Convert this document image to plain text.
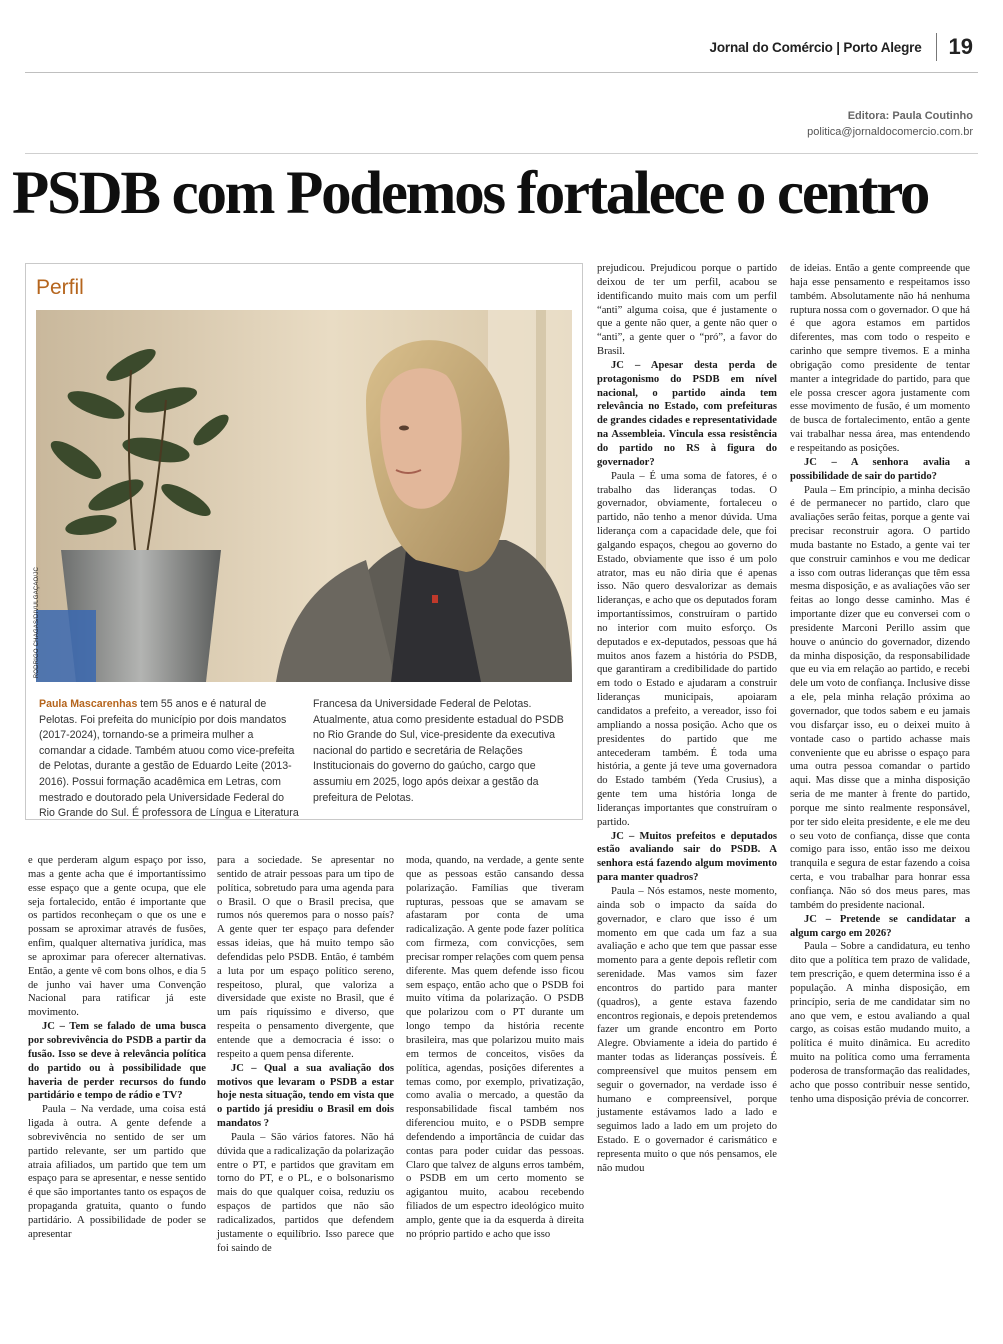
Jornal do Comércio | Porto Alegre 19
Editora: Paula Coutinho
politica@jornaldocomercio.com.br
PSDB com Podemos fortalece o centro
Perfil
RODRIGO CHAGAS/DIVULGAÇÃO/JC
Paula Mascarenhas tem 55 anos e é natural de Pelotas. Foi prefeita do município por dois mandatos (2017-2024), tornando-se a primeira mulher a comandar a cidade. Também atuou como vice-prefeita de Pelotas, durante a gestão de Eduardo Leite (2013-2016). Possui formação acadêmica em Letras, com mestrado e doutorado pela Universidade Federal do Rio Grande do Sul. É professora de Língua e Literatura Francesa da Universidade Federal de Pelotas. Atualmente, atua como presidente estadual do PSDB no Rio Grande do Sul, vice-presidente da executiva nacional do partido e secretária de Relações Institucionais do governo do gaúcho, cargo que assumiu em 2025, logo após deixar a gestão da prefeitura de Pelotas.

e que perderam algum espaço por isso, mas a gente acha que é importantíssimo esse espaço que a gente ocupa, que ele seja fortalecido, então é importante que os partidos reconheçam o que os une e possam se aproximar através de fusões, enfim, qualquer alternativa jurídica, mas se aproximar para oferecer alternativas. Então, a gente vê com bons olhos, e dia 5 de junho vai haver uma Convenção Nacional para ratificar já este movimento.

JC – Tem se falado de uma busca por sobrevivência do PSDB a partir da fusão. Isso se deve à relevância política do partido ou à possibilidade que haveria de perder recursos do fundo partidário e tempo de rádio e TV?

Paula – Na verdade, uma coisa está ligada à outra. A gente defende a sobrevivência no sentido de ser um partido relevante, ser um partido que atraia afiliados, um partido que tem um espaço para se apresentar, e nesse sentido é que são importantes tanto os espaços de propaganda gratuita, quanto o fundo partidário. A possibilidade de poder se apresentar

para a sociedade. Se apresentar no sentido de atrair pessoas para um tipo de política, sobretudo para uma agenda para o Brasil. O que o Brasil precisa, que rumos nós queremos para o nosso país? A gente quer ter espaço para defender essas ideias, que há muito tempo são defendidas pelo PSDB. Então, é também a luta por um espaço político sereno, respeitoso, plural, que valoriza a diversidade que existe no Brasil, que é um país riquíssimo e diverso, que respeita o pensamento divergente, que entende que a democracia é isso: o respeito a quem pensa diferente.

JC – Qual a sua avaliação dos motivos que levaram o PSDB a estar hoje nesta situação, tendo em vista que o partido já presidiu o Brasil em dois mandatos ?

Paula – São vários fatores. Não há dúvida que a radicalização da polarização entre o PT, e partidos que gravitam em torno do PT, e o PL, e o bolsonarismo mais do que qualquer coisa, reduziu os espaços de partidos que não são radicalizados, partidos que defendem justamente o equilíbrio. Isso parece que foi saindo de

moda, quando, na verdade, a gente sente que as pessoas estão cansando dessa polarização. Famílias que tiveram rupturas, pessoas que se amavam se afastaram por conta de uma radicalização. A gente pode fazer política com firmeza, com convicções, sem precisar romper relações com quem pensa diferente. Mas quem defende isso ficou sem espaço, então acho que o PSDB foi muito vítima da polarização. O PSDB que polarizou com o PT durante um longo tempo da história recente brasileira, mas que polarizou muito mais em termos de conceitos, visões da política, agendas, posições diferentes a temas como, por exemplo, privatização, como avalia o mercado, a questão da responsabilidade fiscal também nos diferenciou muito, e o PSDB sempre defendendo a importância de cuidar das contas para poder cuidar das pessoas. Claro que talvez de alguns erros também, o PSDB em um certo momento se agigantou muito, acabou recebendo filiados de um espectro ideológico muito amplo, gente que ia da esquerda à direita no próprio partido e acho que isso

prejudicou. Prejudicou porque o partido deixou de ter um perfil, acabou se identificando muito mais com um perfil “anti” alguma coisa, que é justamente o que a gente não quer, a gente não quer o “anti”, a gente quer o “pró”, a favor do Brasil.

JC – Apesar desta perda de protagonismo do PSDB em nível nacional, o partido ainda tem relevância no Estado, com prefeituras de grandes cidades e representatividade na Assembleia. Vincula essa resistência do partido no RS à figura do governador?

Paula – É uma soma de fatores, é o trabalho das lideranças todas. O governador, obviamente, fortaleceu o partido, não tenho a menor dúvida. Uma liderança com a capacidade dele, que foi galgando espaços, chegou ao governo do Estado, obviamente que isso é um polo atrator, mas eu não diria que é apenas isso. Não quero desvalorizar as demais lideranças, e acho que os deputados foram importantíssimos, construíram o partido no interior com muito esforço. Os deputados e ex-deputados, pessoas que há muitos anos fazem a história do PSDB, que garantiram a credibilidade do partido em todo o Estado e ajudaram a construir lideranças municipais, apoiaram candidatos a prefeito, a vereador, isso foi ampliando a nossa posição. Acho que os presidentes do partido que me antecederam também. É toda uma história, a gente já teve uma governadora do Estado também (Yeda Crusius), a gente tem uma história longa de lideranças importantes que construíram o partido.

JC – Muitos prefeitos e deputados estão avaliando sair do PSDB. A senhora está fazendo algum movimento para manter quadros?

Paula – Nós estamos, neste momento, ainda sob o impacto da saída do governador, e claro que isso é um momento em que cada um faz a sua avaliação e acho que tem que passar esse momento para a gente depois refletir com serenidade. Mas vamos sim fazer encontros do partido para manter (quadros), a gente estava fazendo encontros regionais, e depois pretendemos fazer um grande encontro em Porto Alegre. Obviamente a ideia do partido é manter todas as lideranças possíveis. É compreensível que muitos pensem em seguir o governador, na verdade isso é humano e compreensível, porque justamente estávamos lado a lado e seguimos lado a lado em um projeto do Estado. E o governador é carismático e representa muito o que nós pensamos, ele não mudou

de ideias. Então a gente compreende que haja esse pensamento e respeitamos isso também. Absolutamente não há nenhuma ruptura nossa com o governador. O que há é que agora estamos em partidos diferentes, mas com todo o respeito e carinho que sempre tivemos. E a minha obrigação como presidente de tentar manter a integridade do partido, para que ele possa crescer agora justamente com esse movimento de fusão, é um momento de busca de fortalecimento, então a gente vai trabalhar nessa área, mas entendendo e respeitando as posições.

JC – A senhora avalia a possibilidade de sair do partido?

Paula – Em princípio, a minha decisão é de permanecer no partido, claro que avaliações serão feitas, porque a gente vai precisar reconstruir agora. O partido muda bastante no Estado, a gente vai ter que construir caminhos e vou me dedicar a isso com outras lideranças que têm essa mesma disposição, e as avaliações vão ser feitas ao longo desse caminho. Mas é importante dizer que eu conversei com o presidente Marconi Perillo assim que houve o anúncio do governador, dizendo da minha disposição, da responsabilidade que eu via em relação ao partido, e recebi dele um voto de confiança. Inclusive disse a ele, pela minha relação próxima ao governador, que todos sabem e eu jamais vou disfarçar isso, eu o deixei muito à vontade caso o partido achasse mais conveniente que eu abrisse o espaço para uma outra pessoa comandar o partido aqui. Mas disse que a minha disposição seria de me manter à frente do partido, porque me sinto realmente responsável, por ter sido eleita presidente, e ele me deu o seu voto de confiança, disse que conta comigo para isso, então isso me deixou tranquila e segura de estar fazendo a coisa certa, e vou trabalhar para honrar essa confiança. Não só dos meus pares, mas também do presidente nacional.

JC – Pretende se candidatar a algum cargo em 2026?

Paula – Sobre a candidatura, eu tenho dito que a política tem prazo de validade, tem prescrição, e quem determina isso é a população. A minha disposição, em princípio, seria de me candidatar sim no ano que vem, e estou avaliando a qual cargo, as coisas estão mudando muito, a política é muito dinâmica. Eu acredito muito na política como uma ferramenta poderosa de transformação das realidades, acho que posso contribuir nesse sentido, tenho uma disposição prévia de concorrer.
